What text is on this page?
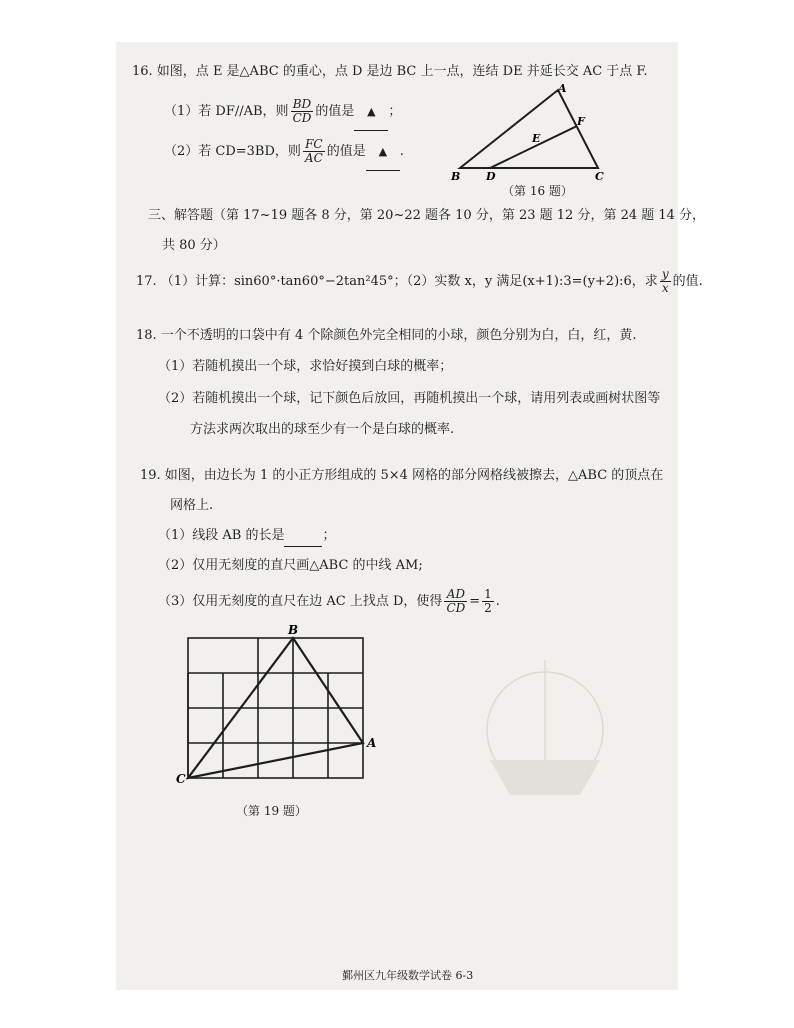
16. 如图，点 E 是△ABC 的重心，点 D 是边 BC 上一点，连结 DE 并延长交 AC 于点 F.
（1）若 DF//AB，则 $\frac{BD}{CD}$ 的值是 ▲ ；
（2）若 CD=3BD，则 $\frac{FC}{AC}$ 的值是 ▲ .
A
B	C
D
E
F
（第 16 题）
三、解答题（第 17~19 题各 8 分，第 20~22 题各 10 分，第 23 题 12 分，第 24 题 14 分，
共 80 分）
17. （1）计算：sin60°·tan60°−2tan²45°；（2）实数 x，y 满足(x+1):3=(y+2):6，求 $\frac{y}{x}$ 的值.
18. 一个不透明的口袋中有 4 个除颜色外完全相同的小球，颜色分别为白，白，红，黄.
（1）若随机摸出一个球，求恰好摸到白球的概率；
（2）若随机摸出一个球，记下颜色后放回，再随机摸出一个球，请用列表或画树状图等
方法求两次取出的球至少有一个是白球的概率.
19. 如图，由边长为 1 的小正方形组成的 5×4 网格的部分网格线被擦去，△ABC 的顶点在
网格上.
（1）线段 AB 的长是	；
（2）仅用无刻度的直尺画△ABC 的中线 AM;
（3）仅用无刻度的直尺在边 AC 上找点 D，使得 $\frac{AD}{CD} = \frac{1}{2}$ .
B
A
C
（第 19 题）
鄞州区九年级数学试卷 6-3
